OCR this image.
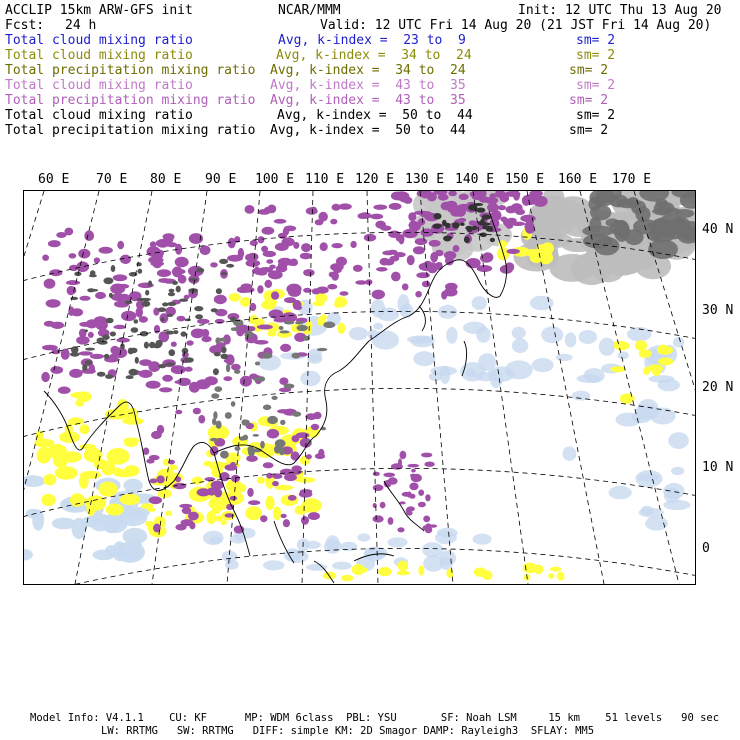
ACCLIP 15km ARW-GFS init	NCAR/MMM	Init: 12 UTC Thu 13 Aug 20
Fcst: 24 h	Valid: 12 UTC Fri 14 Aug 20 (21 JST Fri 14 Aug 20)
Total cloud mixing ratio	Avg, k-index =  23 to  9	sm= 2
Total cloud mixing ratio	Avg, k-index =  34 to  24	sm= 2
Total precipitation mixing ratio Avg, k-index =  34 to  24	sm= 2
Total cloud mixing ratio	Avg, k-index =  43 to  35	sm= 2
Total precipitation mixing ratio Avg, k-index =  43 to  35	sm= 2
Total cloud mixing ratio	Avg, k-index =  50 to  44	sm= 2
Total precipitation mixing ratio Avg, k-index =  50 to  44	sm= 2
60 E 70 E 80 E 90 E 100 E 110 E 120 E 130 E 140 E 150 E 160 E 170 E
40 N
30 N
20 N
10 N
0
Model Info: V4.1.1    CU: KF      MP: WDM 6class  PBL: YSU       SF: Noah LSM     15 km    51 levels   90 sec
LW: RRTMG   SW: RRTMG   DIFF: simple KM: 2D Smagor DAMP: Rayleigh3  SFLAY: MM5
